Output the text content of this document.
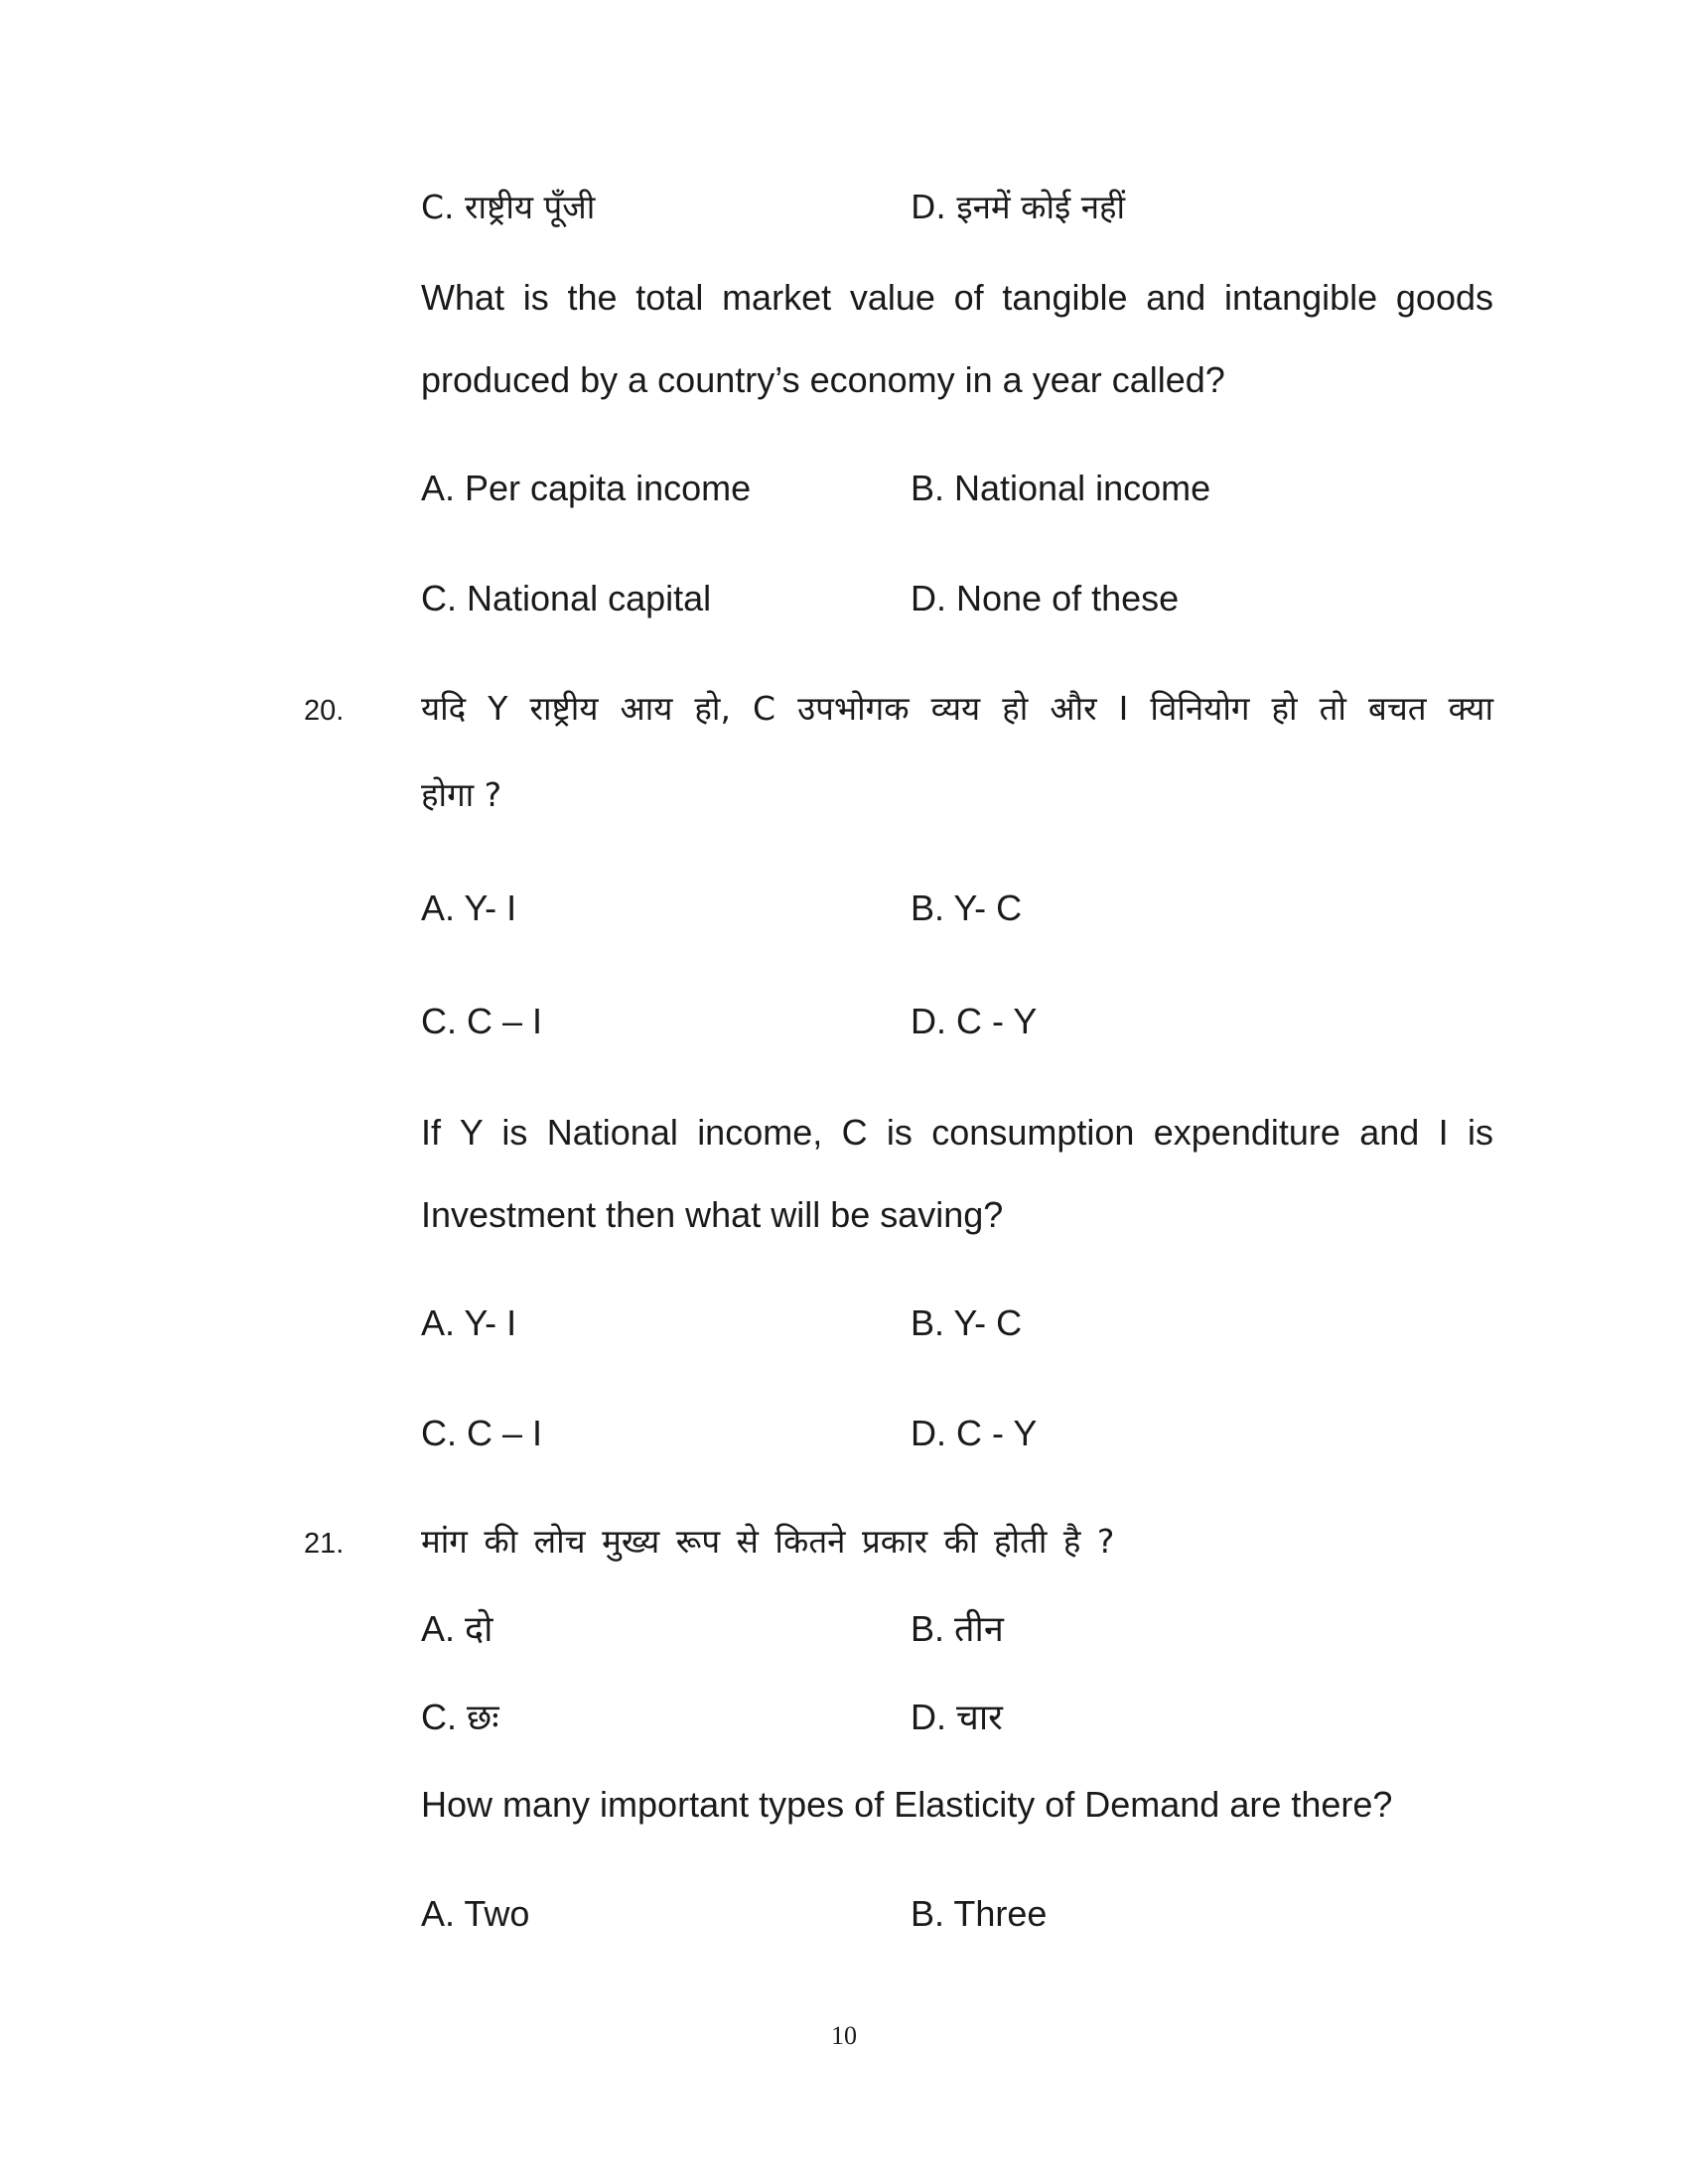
C. राष्ट्रीय पूँजी	D. इनमें कोई नहीं
What is the total market value of tangible and intangible goods
produced by a country’s economy in a year called?
A. Per capita income	B. National income
C. National capital	D. None of these
20. यदि Y राष्ट्रीय आय हो, C उपभोगक व्यय हो और I विनियोग हो तो बचत क्या
होगा ?
A. Y- I	B. Y- C
C. C – I	D. C - Y
If Y is National income, C is consumption expenditure and I is
Investment then what will be saving?
A. Y- I	B. Y- C
C. C – I	D. C - Y
21. मांग की लोच मुख्य रूप से कितने प्रकार की होती है ?
A. दो	B. तीन
C. छः	D. चार
How many important types of Elasticity of Demand are there?
A. Two	B. Three
10
